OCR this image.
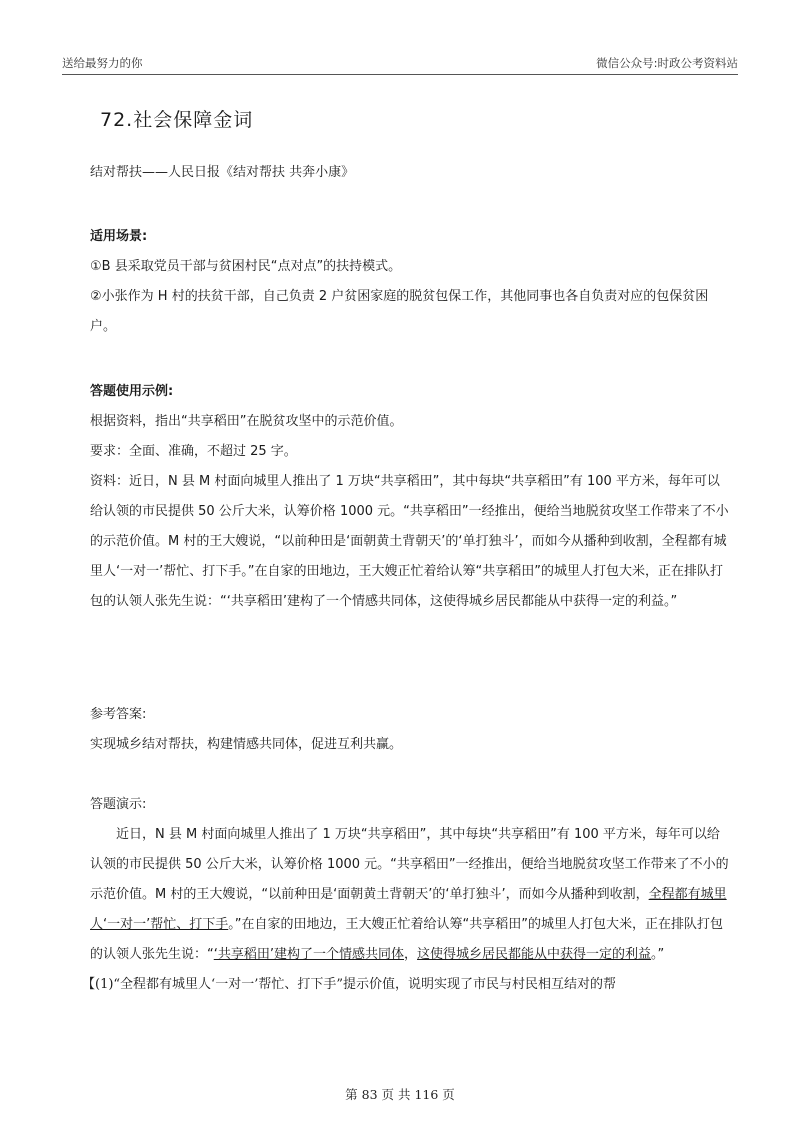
送给最努力的你	微信公众号:时政公考资料站
72.社会保障金词

结对帮扶——人民日报《结对帮扶 共奔小康》

适用场景:

①B 县采取党员干部与贫困村民“点对点”的扶持模式。

②小张作为 H 村的扶贫干部，自己负责 2 户贫困家庭的脱贫包保工作，其他同事也各自负责对应的包保贫困户。

答题使用示例:

根据资料，指出“共享稻田”在脱贫攻坚中的示范价值。

要求：全面、准确，不超过 25 字。

资料：近日，N 县 M 村面向城里人推出了 1 万块“共享稻田”，其中每块“共享稻田”有 100 平方米，每年可以给认领的市民提供 50 公斤大米，认筹价格 1000 元。“共享稻田”一经推出，便给当地脱贫攻坚工作带来了不小的示范价值。M 村的王大嫂说，“以前种田是‘面朝黄土背朝天’的‘单打独斗’，而如今从播种到收割，全程都有城里人‘一对一’帮忙、打下手。”在自家的田地边，王大嫂正忙着给认筹“共享稻田”的城里人打包大米，正在排队打包的认领人张先生说：“‘共享稻田’建构了一个情感共同体，这使得城乡居民都能从中获得一定的利益。”

参考答案:

实现城乡结对帮扶，构建情感共同体，促进互利共赢。

答题演示:

近日，N 县 M 村面向城里人推出了 1 万块“共享稻田”，其中每块“共享稻田”有 100 平方米，每年可以给认领的市民提供 50 公斤大米，认筹价格 1000 元。“共享稻田”一经推出，便给当地脱贫攻坚工作带来了不小的示范价值。M 村的王大嫂说，“以前种田是‘面朝黄土背朝天’的‘单打独斗’，而如今从播种到收割，全程都有城里人‘一对一’帮忙、打下手。”在自家的田地边，王大嫂正忙着给认筹“共享稻田”的城里人打包大米，正在排队打包的认领人张先生说：“‘共享稻田’建构了一个情感共同体，这使得城乡居民都能从中获得一定的利益。”

【(1)“全程都有城里人‘一对一’帮忙、打下手”提示价值，说明实现了市民与村民相互结对的帮

第 83 页 共 116 页
